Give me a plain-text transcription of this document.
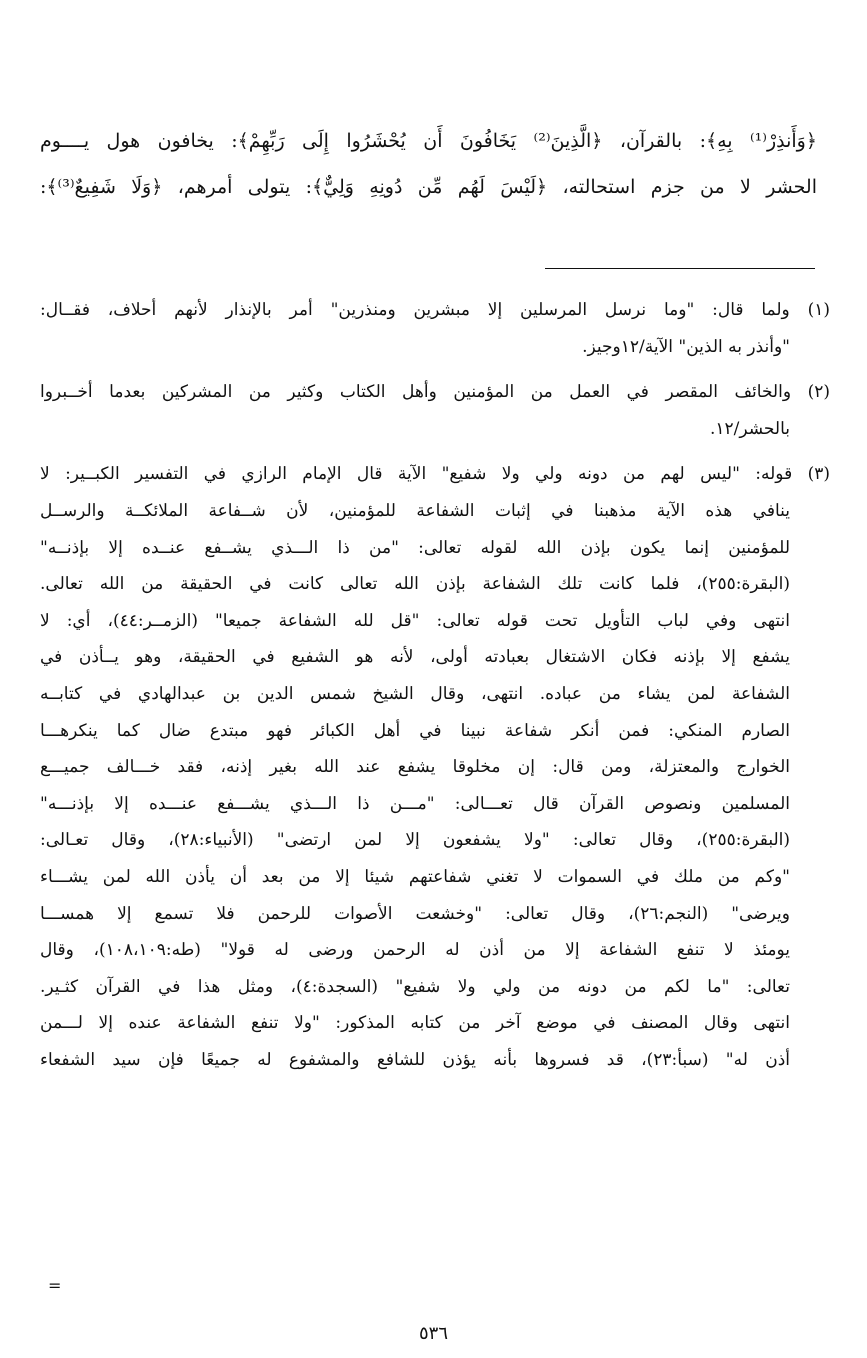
﴿وَأَنذِرْ⁽¹⁾ بِهِ﴾: بالقرآن، ﴿الَّذِينَ⁽²⁾ يَخَافُونَ أَن يُحْشَرُوا إِلَى رَبِّهِمْ﴾: يخافون هول يــــوم
الحشر لا من جزم استحالته، ﴿لَيْسَ لَهُم مِّن دُونِهِ وَلِيٌّ﴾: يتولى أمرهم، ﴿وَلَا شَفِيعٌ⁽³⁾﴾:
(١) ولما قال: "وما نرسل المرسلين إلا مبشرين ومنذرين" أمر بالإنذار لأنهم أحلاف، فقــال:
"وأنذر به الذين" الآية/١٢وجيز.
(٢) والخائف المقصر في العمل من المؤمنين وأهل الكتاب وكثير من المشركين بعدما أخــبروا
بالحشر/١٢.
(٣) قوله: "ليس لهم من دونه ولي ولا شفيع" الآية قال الإمام الرازي في التفسير الكبــير: لا
ينافي هذه الآية مذهبنا في إثبات الشفاعة للمؤمنين، لأن شــفاعة الملائكــة والرســل
للمؤمنين إنما يكون بإذن الله لقوله تعالى: "من ذا الـــذي يشــفع عنــده إلا بإذنــه"
(البقرة:٢٥٥)، فلما كانت تلك الشفاعة بإذن الله تعالى كانت في الحقيقة من الله تعالى.
انتهى وفي لباب التأويل تحت قوله تعالى: "قل لله الشفاعة جميعا" (الزمــر:٤٤)، أي: لا
يشفع إلا بإذنه فكان الاشتغال بعبادته أولى، لأنه هو الشفيع في الحقيقة، وهو يــأذن في
الشفاعة لمن يشاء من عباده. انتهى، وقال الشيخ شمس الدين بن عبدالهادي في كتابــه
الصارم المنكي: فمن أنكر شفاعة نبينا في أهل الكبائر فهو مبتدع ضال كما ينكرهـــا
الخوارج والمعتزلة، ومن قال: إن مخلوقا يشفع عند الله بغير إذنه، فقد خـــالف جميـــع
المسلمين ونصوص القرآن قال تعـــالى: "مـــن ذا الـــذي يشـــفع عنـــده إلا بإذنـــه"
(البقرة:٢٥٥)، وقال تعالى: "ولا يشفعون إلا لمن ارتضى" (الأنبياء:٢٨)، وقال تعـالى:
"وكم من ملك في السموات لا تغني شفاعتهم شيئا إلا من بعد أن يأذن الله لمن يشـــاء
ويرضى" (النجم:٢٦)، وقال تعالى: "وخشعت الأصوات للرحمن فلا تسمع إلا همســـا
يومئذ لا تنفع الشفاعة إلا من أذن له الرحمن ورضى له قولا" (طه:١٠٨،١٠٩)، وقال
تعالى: "ما لكم من دونه من ولي ولا شفيع" (السجدة:٤)، ومثل هذا في القرآن كثـير.
انتهى وقال المصنف في موضع آخر من كتابه المذكور: "ولا تنفع الشفاعة عنده إلا لـــمن
أذن له" (سبأ:٢٣)، قد فسروها بأنه يؤذن للشافع والمشفوع له جميعًا فإن سيد الشفعاء
=
٥٣٦
